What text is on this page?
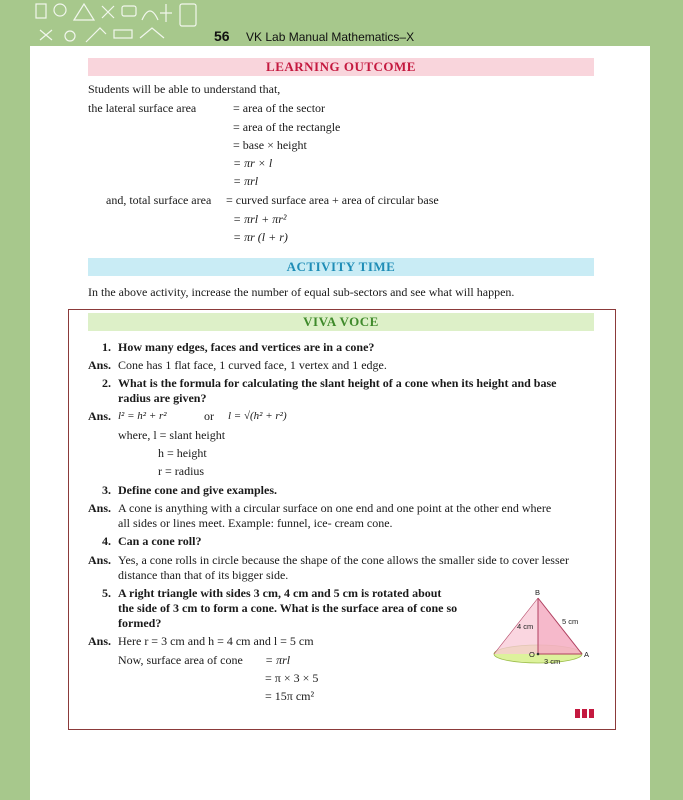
56 VK Lab Manual Mathematics–X
LEARNING OUTCOME
Students will be able to understand that,
the lateral surface area	= area of the sector
= area of the rectangle
= base × height
= πr × l
= πrl
and, total surface area = curved surface area + area of circular base
= πrl + πr²
= πr (l + r)
ACTIVITY TIME
In the above activity, increase the number of equal sub-sectors and see what will happen.
VIVA VOCE
1. How many edges, faces and vertices are in a cone?
Ans. Cone has 1 flat face, 1 curved face, 1 vertex and 1 edge.
2. What is the formula for calculating the slant height of a cone when its height and base
radius are given?
Ans. l² = h² + r²	or l = √(h² + r²)
where, l = slant height
h = height
r = radius
3. Define cone and give examples.
Ans. A cone is anything with a circular surface on one end and one point at the other end where
all sides or lines meet. Example: funnel, ice- cream cone.
4. Can a cone roll?
Ans. Yes, a cone rolls in circle because the shape of the cone allows the smaller side to cover lesser
distance than that of its bigger side.
5. A right triangle with sides 3 cm, 4 cm and 5 cm is rotated about
the side of 3 cm to form a cone. What is the surface area of cone so
formed?
Ans. Here r = 3 cm and h = 4 cm and l = 5 cm
Now, surface area of cone = πrl
= π × 3 × 5
= 15π cm²
B
A
O
4 cm
5 cm
3 cm
